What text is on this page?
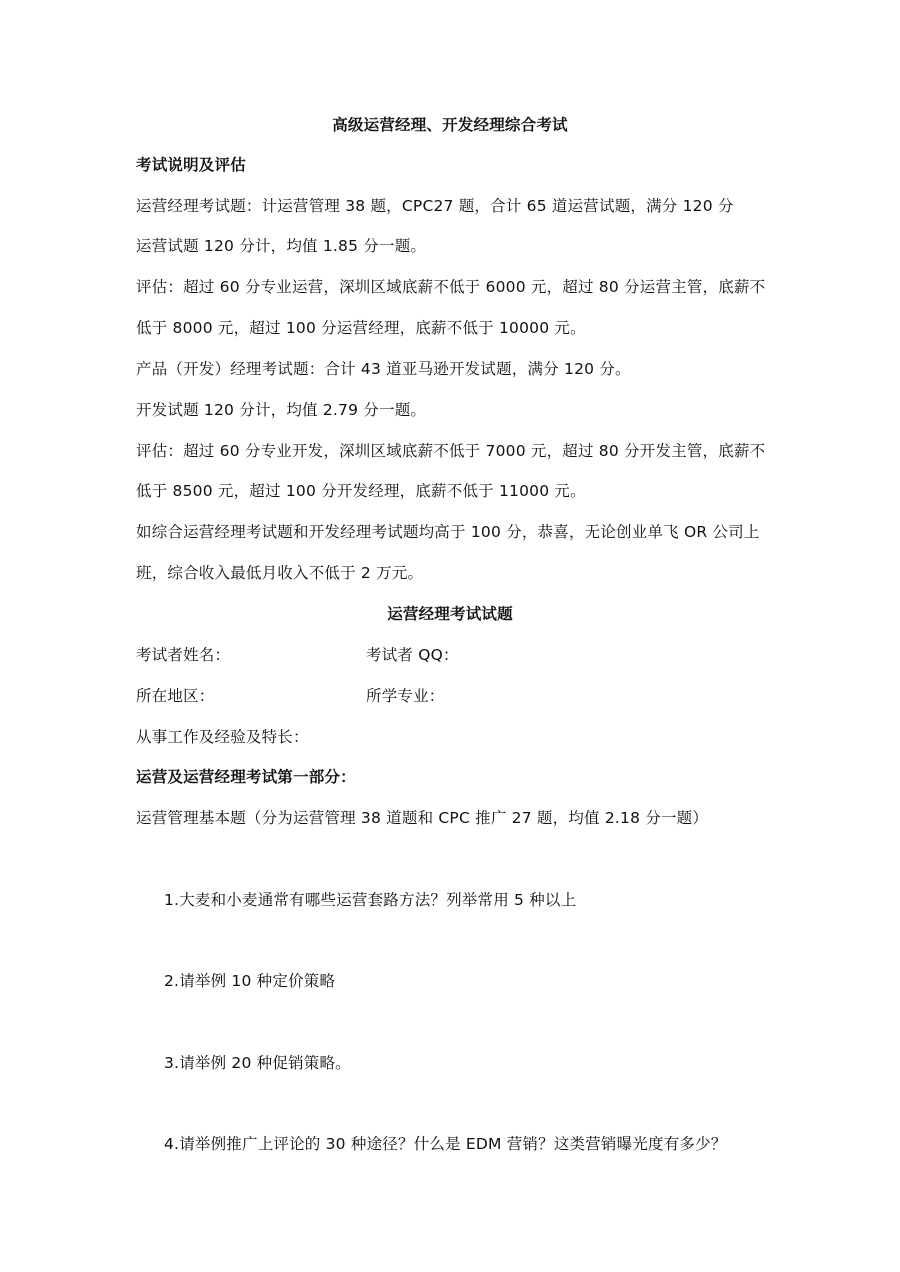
高级运营经理、开发经理综合考试
考试说明及评估
运营经理考试题：计运营管理 38 题，CPC27 题，合计 65 道运营试题，满分 120 分
运营试题 120 分计，均值 1.85 分一题。
评估：超过 60 分专业运营，深圳区域底薪不低于 6000 元，超过 80 分运营主管，底薪不
低于 8000 元，超过 100 分运营经理，底薪不低于 10000 元。
产品（开发）经理考试题：合计 43 道亚马逊开发试题，满分 120 分。
开发试题 120 分计，均值 2.79 分一题。
评估：超过 60 分专业开发，深圳区域底薪不低于 7000 元，超过 80 分开发主管，底薪不
低于 8500 元，超过 100 分开发经理，底薪不低于 11000 元。
如综合运营经理考试题和开发经理考试题均高于 100 分，恭喜，无论创业单飞 OR 公司上
班，综合收入最低月收入不低于 2 万元。
运营经理考试试题
考试者姓名：	考试者 QQ：
所在地区：	所学专业：
从事工作及经验及特长：
运营及运营经理考试第一部分：
运营管理基本题（分为运营管理 38 道题和 CPC 推广 27 题，均值 2.18 分一题）
1.大麦和小麦通常有哪些运营套路方法？列举常用 5 种以上
2.请举例 10 种定价策略
3.请举例 20 种促销策略。
4.请举例推广上评论的 30 种途径？什么是 EDM 营销？这类营销曝光度有多少？
